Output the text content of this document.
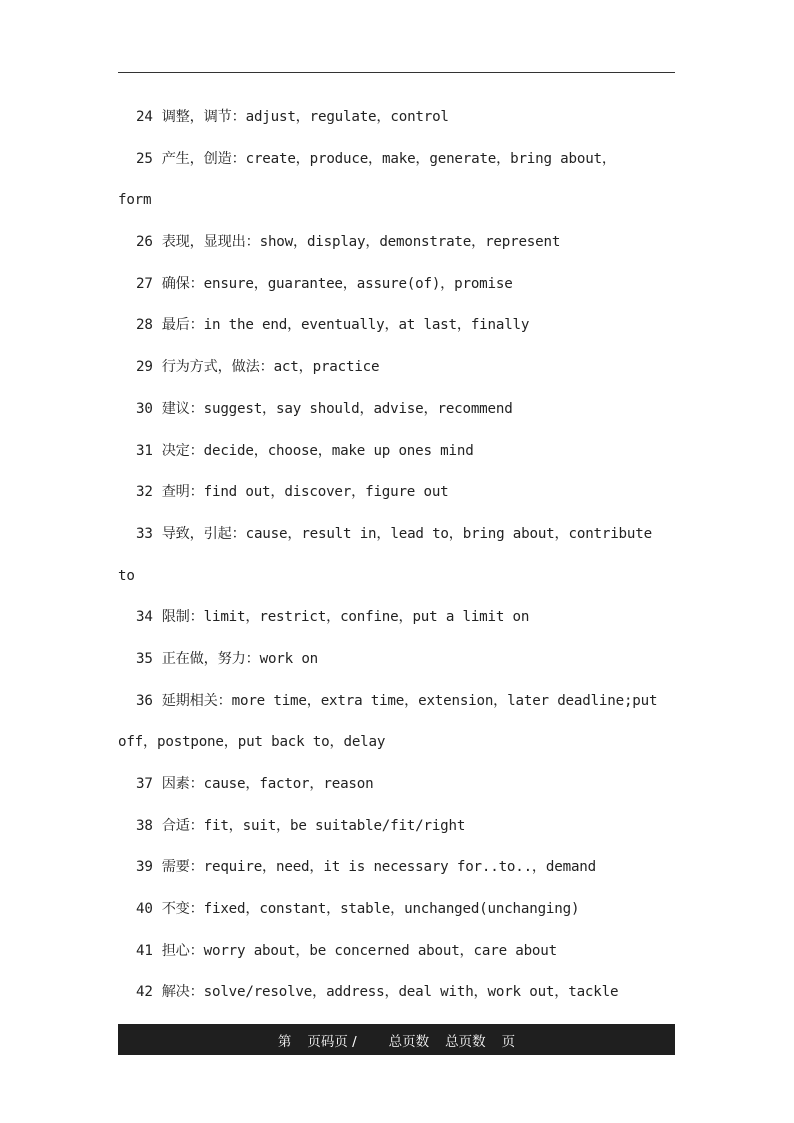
24 调整，调节：adjust，regulate，control
25 产生，创造：create，produce，make，generate，bring about，
form
26 表现，显现出：show，display，demonstrate，represent
27 确保：ensure，guarantee，assure(of)，promise
28 最后：in the end，eventually，at last，finally
29 行为方式，做法：act，practice
30 建议：suggest，say should，advise，recommend
31 决定：decide，choose，make up ones mind
32 查明：find out，discover，figure out
33 导致，引起：cause，result in，lead to，bring about，contribute
to
34 限制：limit，restrict，confine，put a limit on
35 正在做，努力：work on
36 延期相关：more time，extra time，extension，later deadline;put
off，postpone，put back to，delay
37 因素：cause，factor，reason
38 合适：fit，suit，be suitable/fit/right
39 需要：require，need，it is necessary for..to..，demand
40 不变：fixed，constant，stable，unchanged(unchanging)
41 担心：worry about，be concerned about，care about
42 解决：solve/resolve，address，deal with，work out，tackle
第 页码页 / 总页数 总页数 页
